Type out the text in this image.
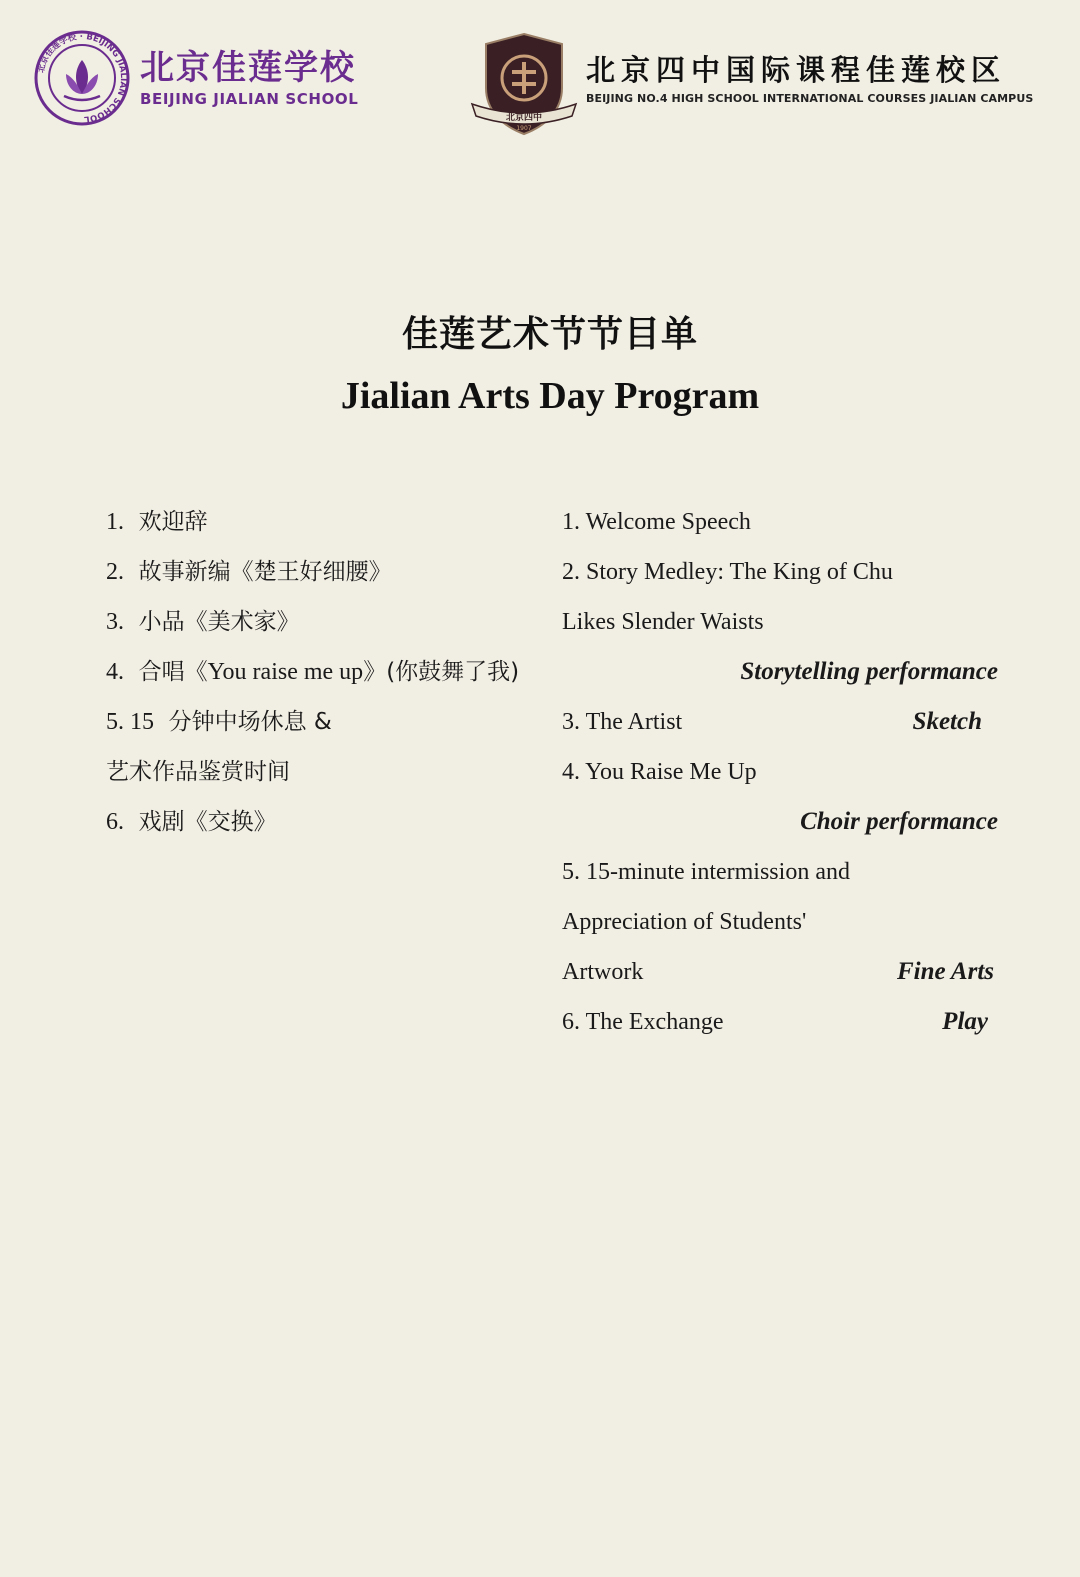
北京佳莲学校 · BEIJING JIALIAN SCHOOL
北京佳莲学校
BEIJING JIALIAN SCHOOL
北京四中
1907
北京四中国际课程佳莲校区
BEIJING NO.4 HIGH SCHOOL INTERNATIONAL COURSES JIALIAN CAMPUS
佳莲艺术节节目单
Jialian Arts Day Program
1. 欢迎辞
2. 故事新编《楚王好细腰》
3. 小品《美术家》
4. 合唱《You raise me up》(你鼓舞了我)
5. 15 分钟中场休息 &
艺术作品鉴赏时间
6. 戏剧《交换》
1. Welcome Speech
2. Story Medley: The King of Chu
Likes Slender Waists
Storytelling performance
3. The Artist	Sketch
4. You Raise Me Up
Choir performance
5. 15-minute intermission and
Appreciation of Students'
Artwork	Fine Arts
6. The Exchange	Play
